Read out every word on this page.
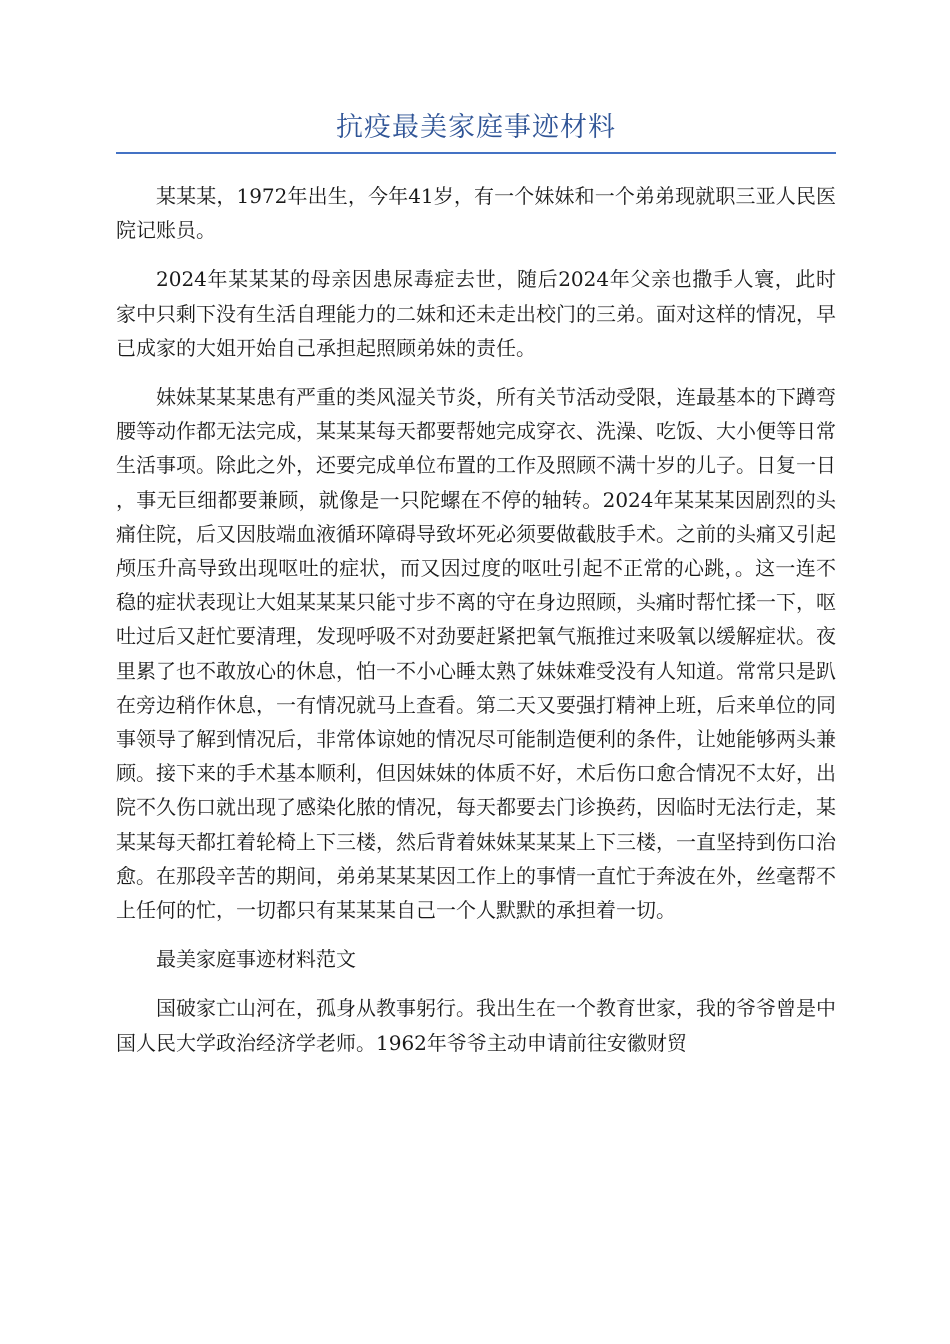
抗疫最美家庭事迹材料

某某某，1972年出生，今年41岁，有一个妹妹和一个弟弟现就职三亚人民医院记账员。

2024年某某某的母亲因患尿毒症去世，随后2024年父亲也撒手人寰，此时家中只剩下没有生活自理能力的二妹和还未走出校门的三弟。面对这样的情况，早已成家的大姐开始自己承担起照顾弟妹的责任。

妹妹某某某患有严重的类风湿关节炎，所有关节活动受限，连最基本的下蹲弯腰等动作都无法完成，某某某每天都要帮她完成穿衣、洗澡、吃饭、大小便等日常生活事项。除此之外，还要完成单位布置的工作及照顾不满十岁的儿子。日复一日，事无巨细都要兼顾，就像是一只陀螺在不停的轴转。2024年某某某因剧烈的头痛住院，后又因肢端血液循环障碍导致坏死必须要做截肢手术。之前的头痛又引起颅压升高导致出现呕吐的症状，而又因过度的呕吐引起不正常的心跳，。这一连不稳的症状表现让大姐某某某只能寸步不离的守在身边照顾，头痛时帮忙揉一下，呕吐过后又赶忙要清理，发现呼吸不对劲要赶紧把氧气瓶推过来吸氧以缓解症状。夜里累了也不敢放心的休息，怕一不小心睡太熟了妹妹难受没有人知道。常常只是趴在旁边稍作休息，一有情况就马上查看。第二天又要强打精神上班，后来单位的同事领导了解到情况后，非常体谅她的情况尽可能制造便利的条件，让她能够两头兼顾。接下来的手术基本顺利，但因妹妹的体质不好，术后伤口愈合情况不太好，出院不久伤口就出现了感染化脓的情况，每天都要去门诊换药，因临时无法行走，某某某每天都扛着轮椅上下三楼，然后背着妹妹某某某上下三楼，一直坚持到伤口治愈。在那段辛苦的期间，弟弟某某某因工作上的事情一直忙于奔波在外，丝毫帮不上任何的忙，一切都只有某某某自己一个人默默的承担着一切。

最美家庭事迹材料范文

国破家亡山河在，孤身从教事躬行。我出生在一个教育世家，我的爷爷曾是中国人民大学政治经济学老师。1962年爷爷主动申请前往安徽财贸
